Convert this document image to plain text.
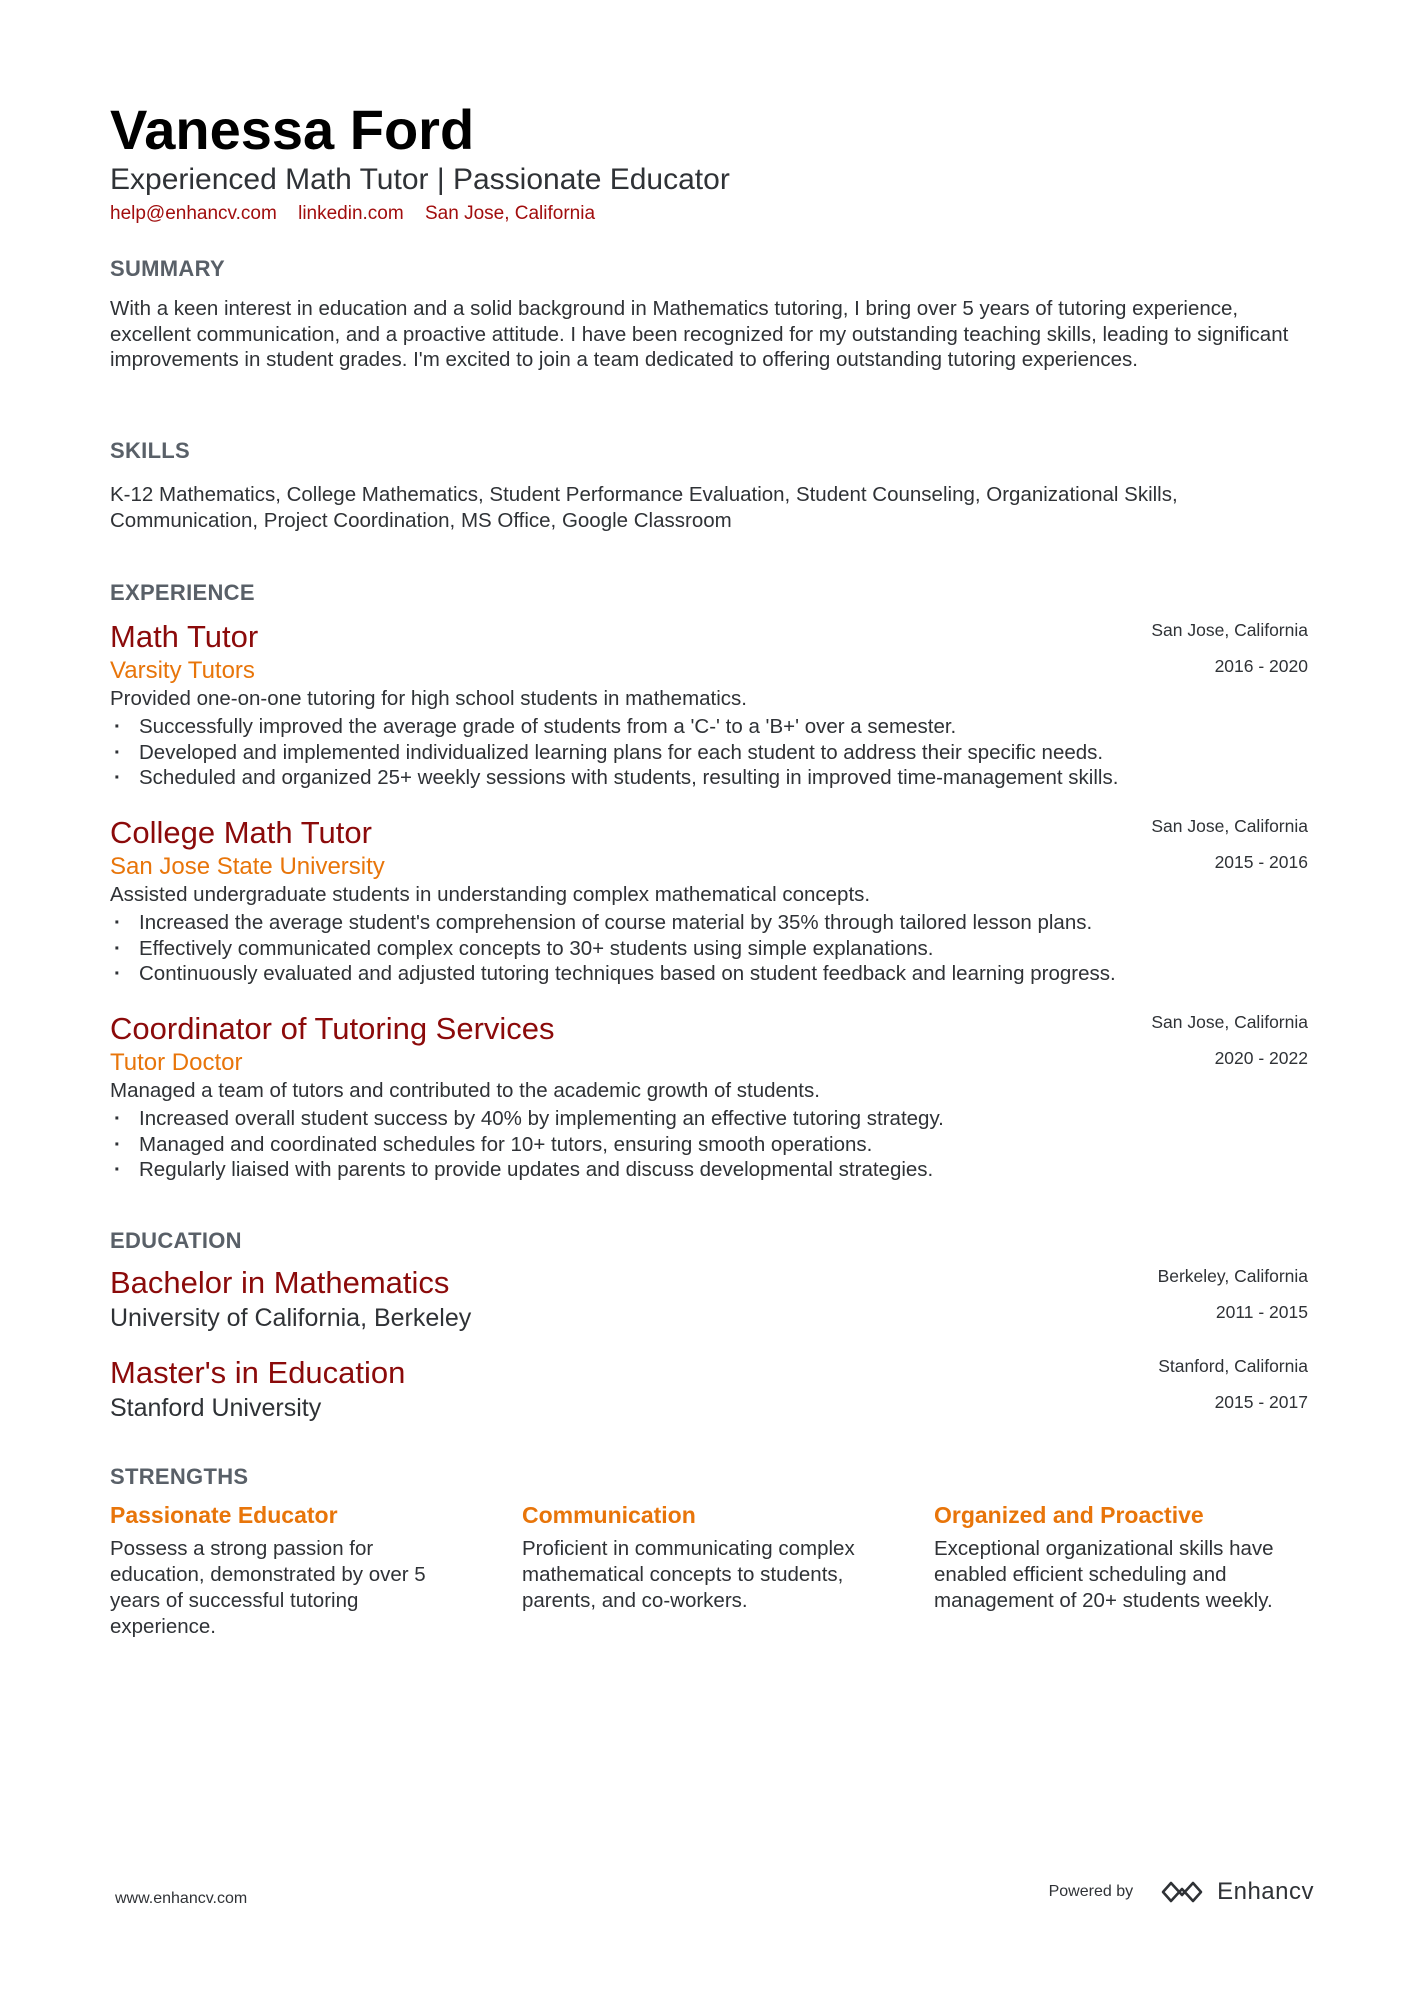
Vanessa Ford
Experienced Math Tutor | Passionate Educator
help@enhancv.com linkedin.com San Jose, California
SUMMARY
With a keen interest in education and a solid background in Mathematics tutoring, I bring over 5 years of tutoring experience, excellent communication, and a proactive attitude. I have been recognized for my outstanding teaching skills, leading to significant improvements in student grades. I'm excited to join a team dedicated to offering outstanding tutoring experiences.
SKILLS
K-12 Mathematics, College Mathematics, Student Performance Evaluation, Student Counseling, Organizational Skills, Communication, Project Coordination, MS Office, Google Classroom
EXPERIENCE
Math Tutor
Varsity Tutors
Provided one-on-one tutoring for high school students in mathematics.
· Successfully improved the average grade of students from a 'C-' to a 'B+' over a semester.
· Developed and implemented individualized learning plans for each student to address their specific needs.
· Scheduled and organized 25+ weekly sessions with students, resulting in improved time-management skills.
San Jose, California
2016 - 2020
College Math Tutor
San Jose State University
Assisted undergraduate students in understanding complex mathematical concepts.
· Increased the average student's comprehension of course material by 35% through tailored lesson plans.
· Effectively communicated complex concepts to 30+ students using simple explanations.
· Continuously evaluated and adjusted tutoring techniques based on student feedback and learning progress.
San Jose, California
2015 - 2016
Coordinator of Tutoring Services
Tutor Doctor
Managed a team of tutors and contributed to the academic growth of students.
· Increased overall student success by 40% by implementing an effective tutoring strategy.
· Managed and coordinated schedules for 10+ tutors, ensuring smooth operations.
· Regularly liaised with parents to provide updates and discuss developmental strategies.
San Jose, California
2020 - 2022
EDUCATION
Bachelor in Mathematics
University of California, Berkeley
Berkeley, California
2011 - 2015
Master's in Education
Stanford University
Stanford, California
2015 - 2017
STRENGTHS
Passionate Educator
Possess a strong passion for education, demonstrated by over 5 years of successful tutoring experience.
Communication
Proficient in communicating complex mathematical concepts to students, parents, and co-workers.
Organized and Proactive
Exceptional organizational skills have enabled efficient scheduling and management of 20+ students weekly.
www.enhancv.com	Powered by	Enhancv
